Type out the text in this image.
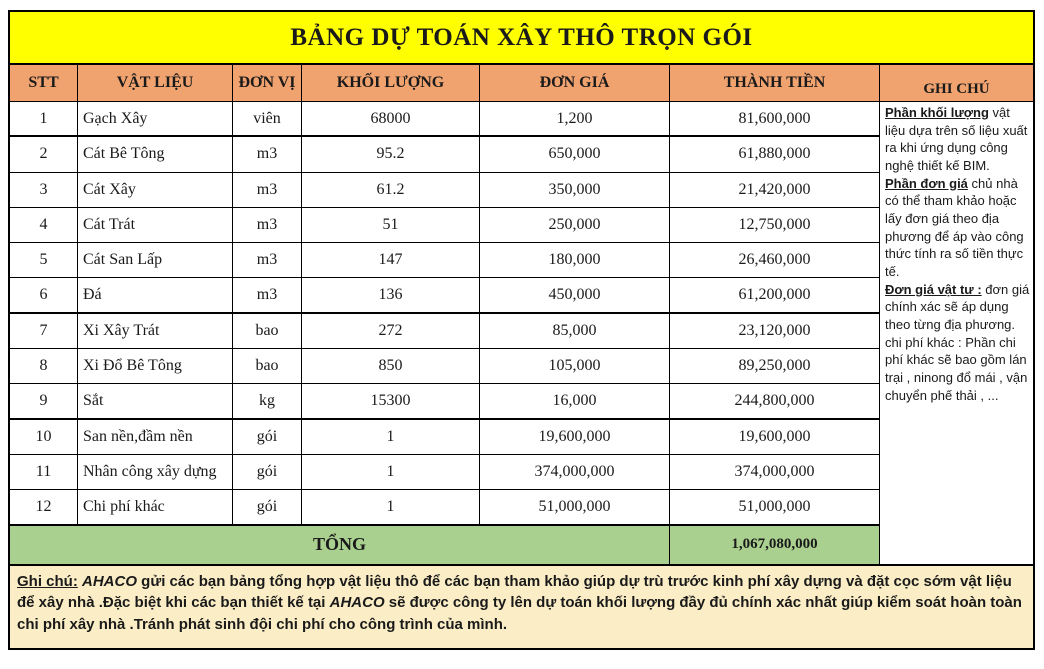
BẢNG DỰ TOÁN XÂY THÔ TRỌN GÓI
STT	VẬT LIỆU	ĐƠN VỊ	KHỐI LƯỢNG	ĐƠN GIÁ	THÀNH TIỀN	GHI CHÚ
Phần khối lượng vật liệu dựa trên số liệu xuất ra khi ứng dụng công nghệ thiết kế BIM.
Phần đơn giá chủ nhà có thể tham khảo hoặc lấy đơn giá theo địa phương để áp vào công thức tính ra số tiền thực tế.
Đơn giá vật tư : đơn giá chính xác sẽ áp dụng theo từng địa phương.
chi phí khác : Phần chi phí khác sẽ bao gồm lán trại , ninong đổ mái , vận chuyển phế thải , ...
1	Gạch Xây	viên	68000	1,200	81,600,000
2	Cát Bê Tông	m3	95.2	650,000	61,880,000
3	Cát Xây	m3	61.2	350,000	21,420,000
4	Cát Trát	m3	51	250,000	12,750,000
5	Cát San Lấp	m3	147	180,000	26,460,000
6	Đá	m3	136	450,000	61,200,000
7	Xi Xây Trát	bao	272	85,000	23,120,000
8	Xi Đổ Bê Tông	bao	850	105,000	89,250,000
9	Sắt	kg	15300	16,000	244,800,000
10	San nền,đầm nền	gói	1	19,600,000	19,600,000
11	Nhân công xây dựng	gói	1	374,000,000	374,000,000
12	Chi phí khác	gói	1	51,000,000	51,000,000
TỔNG	1,067,080,000
Ghi chú: AHACO gửi các bạn bảng tổng hợp vật liệu thô để các bạn tham khảo giúp dự trù trước kinh phí xây dựng và đặt cọc sớm vật liệu để xây nhà .Đặc biệt khi các bạn thiết kế tại AHACO sẽ được công ty lên dự toán khối lượng đầy đủ chính xác nhất giúp kiểm soát hoàn toàn chi phí xây nhà .Tránh phát sinh đội chi phí cho công trình của mình.
